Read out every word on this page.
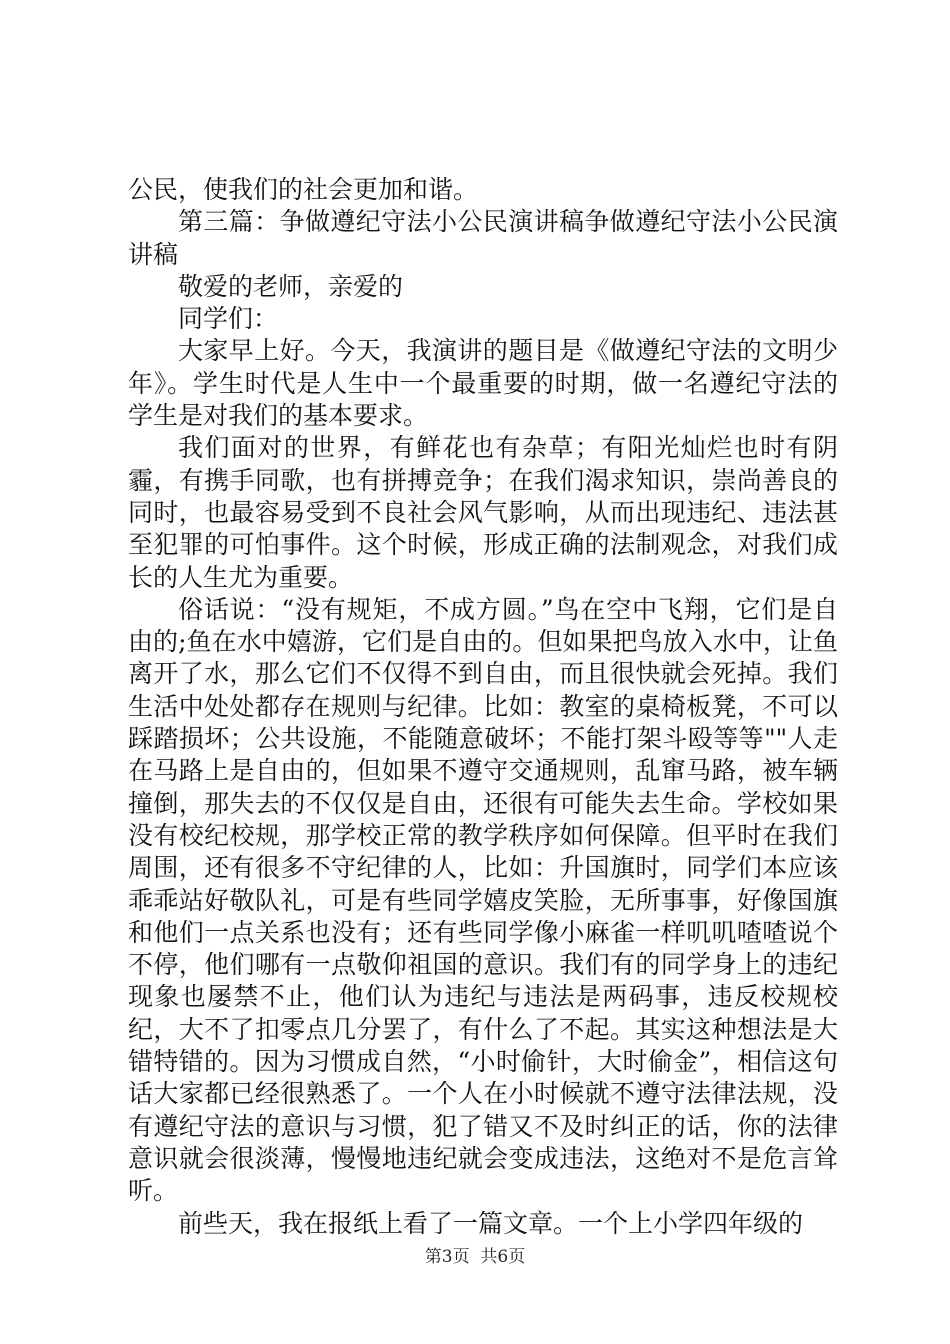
公民，使我们的社会更加和谐。

第三篇：争做遵纪守法小公民演讲稿争做遵纪守法小公民演讲稿

敬爱的老师，亲爱的

同学们：

大家早上好。今天，我演讲的题目是《做遵纪守法的文明少年》。学生时代是人生中一个最重要的时期，做一名遵纪守法的学生是对我们的基本要求。

我们面对的世界，有鲜花也有杂草；有阳光灿烂也时有阴霾，有携手同歌，也有拼搏竞争；在我们渴求知识，崇尚善良的同时，也最容易受到不良社会风气影响，从而出现违纪、违法甚至犯罪的可怕事件。这个时候，形成正确的法制观念，对我们成长的人生尤为重要。

俗话说：“没有规矩，不成方圆。”鸟在空中飞翔，它们是自由的;鱼在水中嬉游，它们是自由的。但如果把鸟放入水中，让鱼离开了水，那么它们不仅得不到自由，而且很快就会死掉。我们生活中处处都存在规则与纪律。比如：教室的桌椅板凳，不可以踩踏损坏；公共设施，不能随意破坏；不能打架斗殴等等""人走在马路上是自由的，但如果不遵守交通规则，乱窜马路，被车辆撞倒，那失去的不仅仅是自由，还很有可能失去生命。学校如果没有校纪校规，那学校正常的教学秩序如何保障。但平时在我们周围，还有很多不守纪律的人，比如：升国旗时，同学们本应该乖乖站好敬队礼，可是有些同学嬉皮笑脸，无所事事，好像国旗和他们一点关系也没有；还有些同学像小麻雀一样叽叽喳喳说个不停，他们哪有一点敬仰祖国的意识。我们有的同学身上的违纪现象也屡禁不止，他们认为违纪与违法是两码事，违反校规校纪，大不了扣零点几分罢了，有什么了不起。其实这种想法是大错特错的。因为习惯成自然，“小时偷针，大时偷金”，相信这句话大家都已经很熟悉了。一个人在小时候就不遵守法律法规，没有遵纪守法的意识与习惯，犯了错又不及时纠正的话，你的法律意识就会很淡薄，慢慢地违纪就会变成违法，这绝对不是危言耸听。

前些天，我在报纸上看了一篇文章。一个上小学四年级的

第3页  共6页
